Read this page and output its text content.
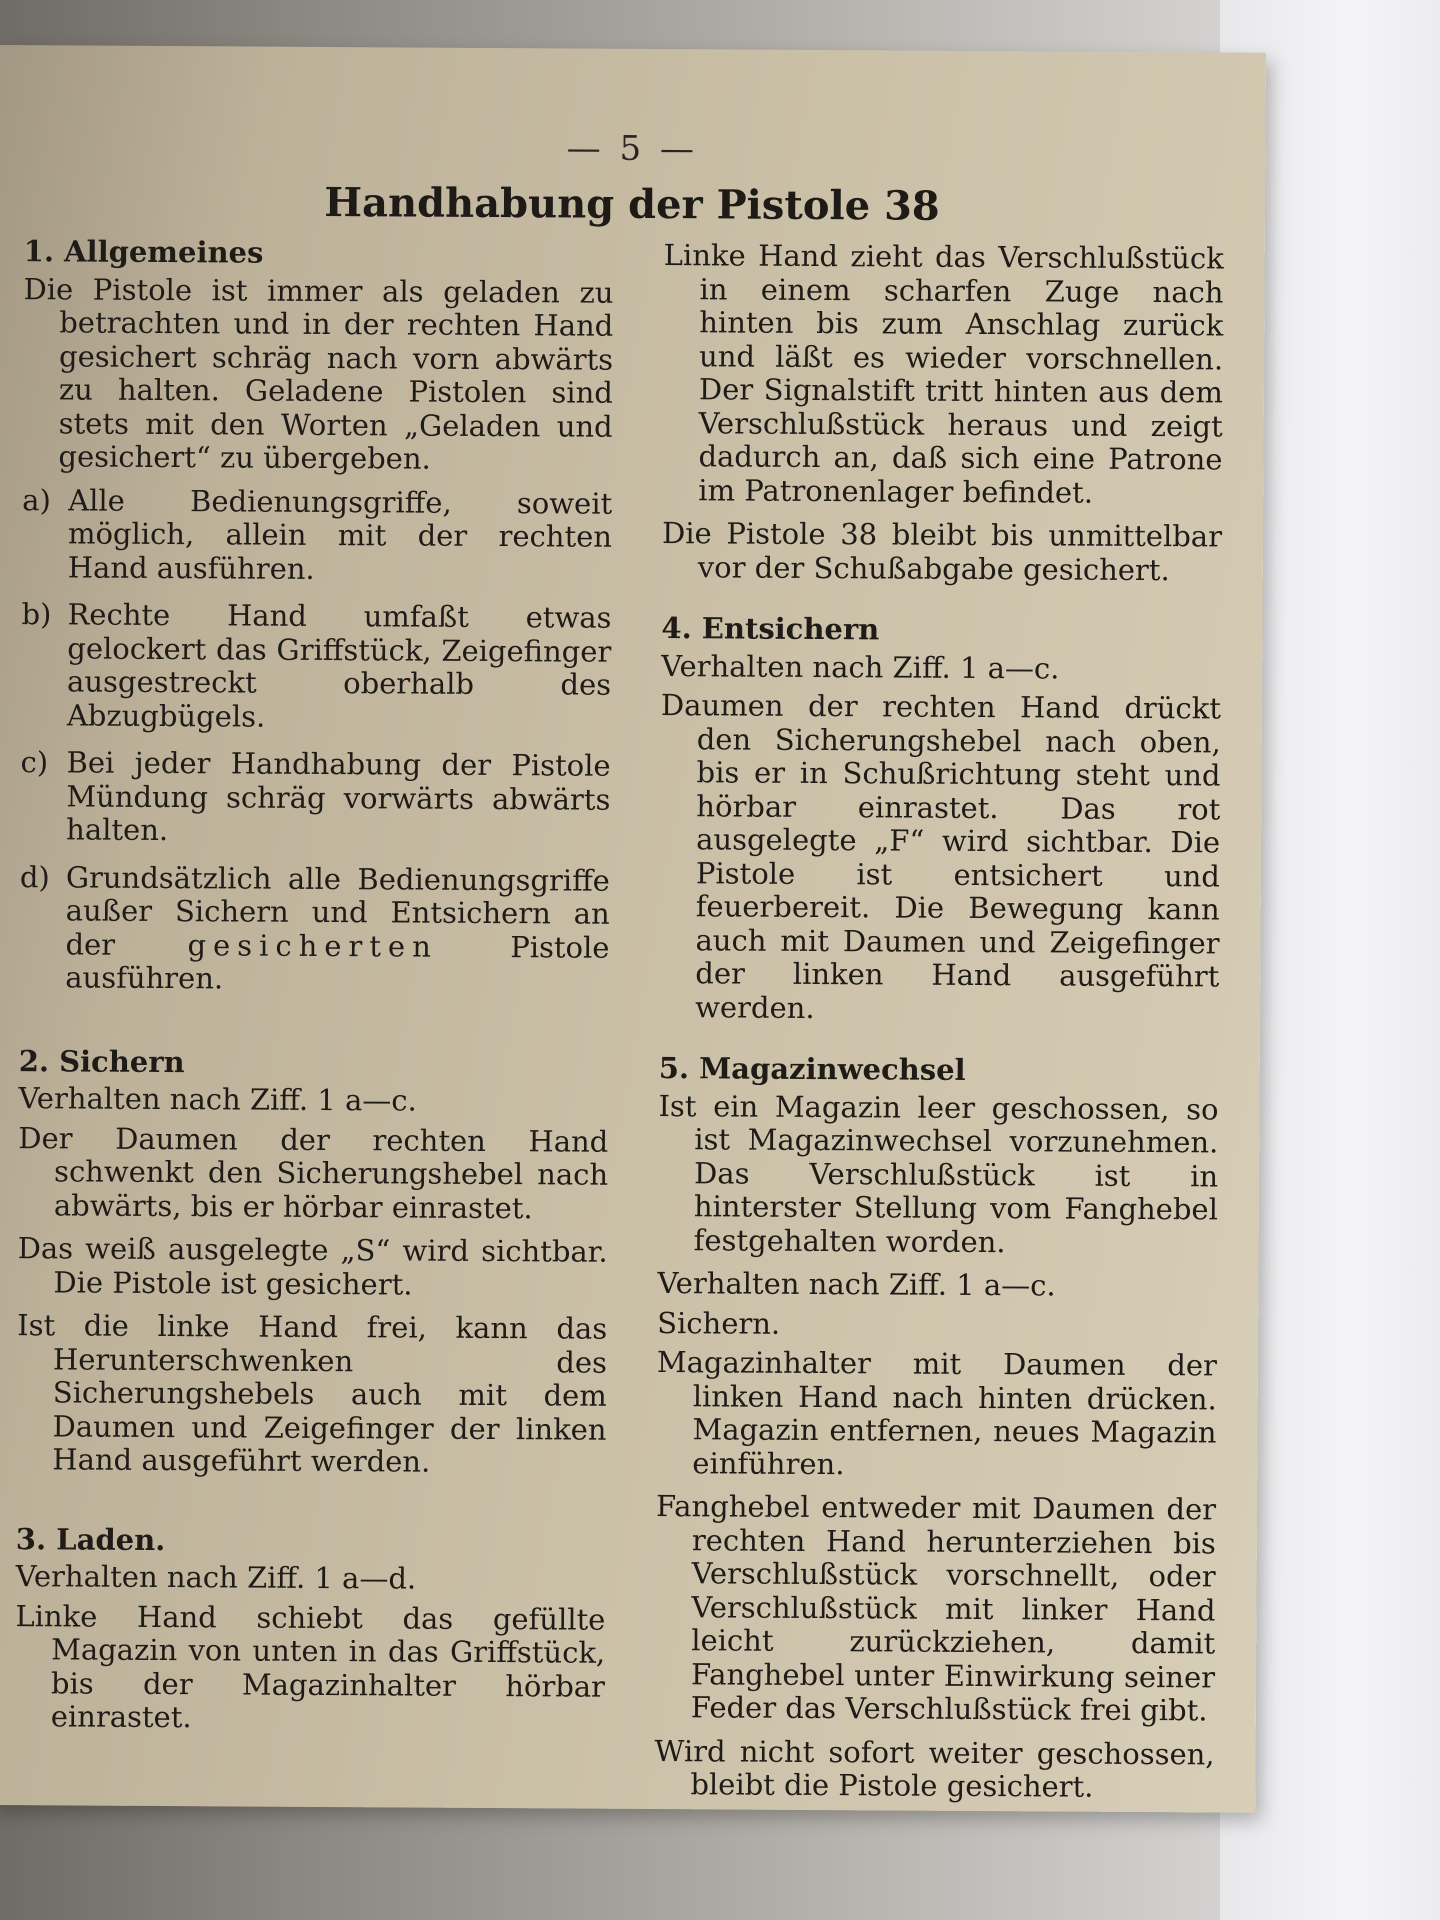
— 5 —
Handhabung der Pistole 38
1. Allgemeines
Die Pistole ist immer als geladen zu betrachten und in der rechten Hand gesichert schräg nach vorn abwärts zu halten. Geladene Pistolen sind stets mit den Worten „Geladen und gesichert“ zu übergeben.
a) Alle Bedienungsgriffe, soweit möglich, allein mit der rechten Hand ausführen.
b) Rechte Hand umfaßt etwas gelockert das Griffstück, Zeigefinger ausgestreckt oberhalb des Abzugbügels.
c) Bei jeder Handhabung der Pistole Mündung schräg vorwärts abwärts halten.
d) Grundsätzlich alle Bedienungsgriffe außer Sichern und Entsichern an der gesicherten Pistole ausführen.
2. Sichern
Verhalten nach Ziff. 1 a—c.
Der Daumen der rechten Hand schwenkt den Sicherungshebel nach abwärts, bis er hörbar einrastet.
Das weiß ausgelegte „S“ wird sichtbar. Die Pistole ist gesichert.
Ist die linke Hand frei, kann das Herunterschwenken des Sicherungshebels auch mit dem Daumen und Zeigefinger der linken Hand ausgeführt werden.
3. Laden.
Verhalten nach Ziff. 1 a—d.
Linke Hand schiebt das gefüllte Magazin von unten in das Griffstück, bis der Magazinhalter hörbar einrastet.
Linke Hand zieht das Verschlußstück in einem scharfen Zuge nach hinten bis zum Anschlag zurück und läßt es wieder vorschnellen. Der Signalstift tritt hinten aus dem Verschlußstück heraus und zeigt dadurch an, daß sich eine Patrone im Patronenlager befindet.
Die Pistole 38 bleibt bis unmittelbar vor der Schußabgabe gesichert.
4. Entsichern
Verhalten nach Ziff. 1 a—c.
Daumen der rechten Hand drückt den Sicherungshebel nach oben, bis er in Schußrichtung steht und hörbar einrastet. Das rot ausgelegte „F“ wird sichtbar. Die Pistole ist entsichert und feuerbereit. Die Bewegung kann auch mit Daumen und Zeigefinger der linken Hand ausgeführt werden.
5. Magazinwechsel
Ist ein Magazin leer geschossen, so ist Magazinwechsel vorzunehmen. Das Verschlußstück ist in hinterster Stellung vom Fanghebel festgehalten worden.
Verhalten nach Ziff. 1 a—c.
Sichern.
Magazinhalter mit Daumen der linken Hand nach hinten drücken. Magazin entfernen, neues Magazin einführen.
Fanghebel entweder mit Daumen der rechten Hand herunterziehen bis Verschlußstück vorschnellt, oder Verschlußstück mit linker Hand leicht zurückziehen, damit Fanghebel unter Einwirkung seiner Feder das Verschlußstück frei gibt.
Wird nicht sofort weiter geschossen, bleibt die Pistole gesichert.
